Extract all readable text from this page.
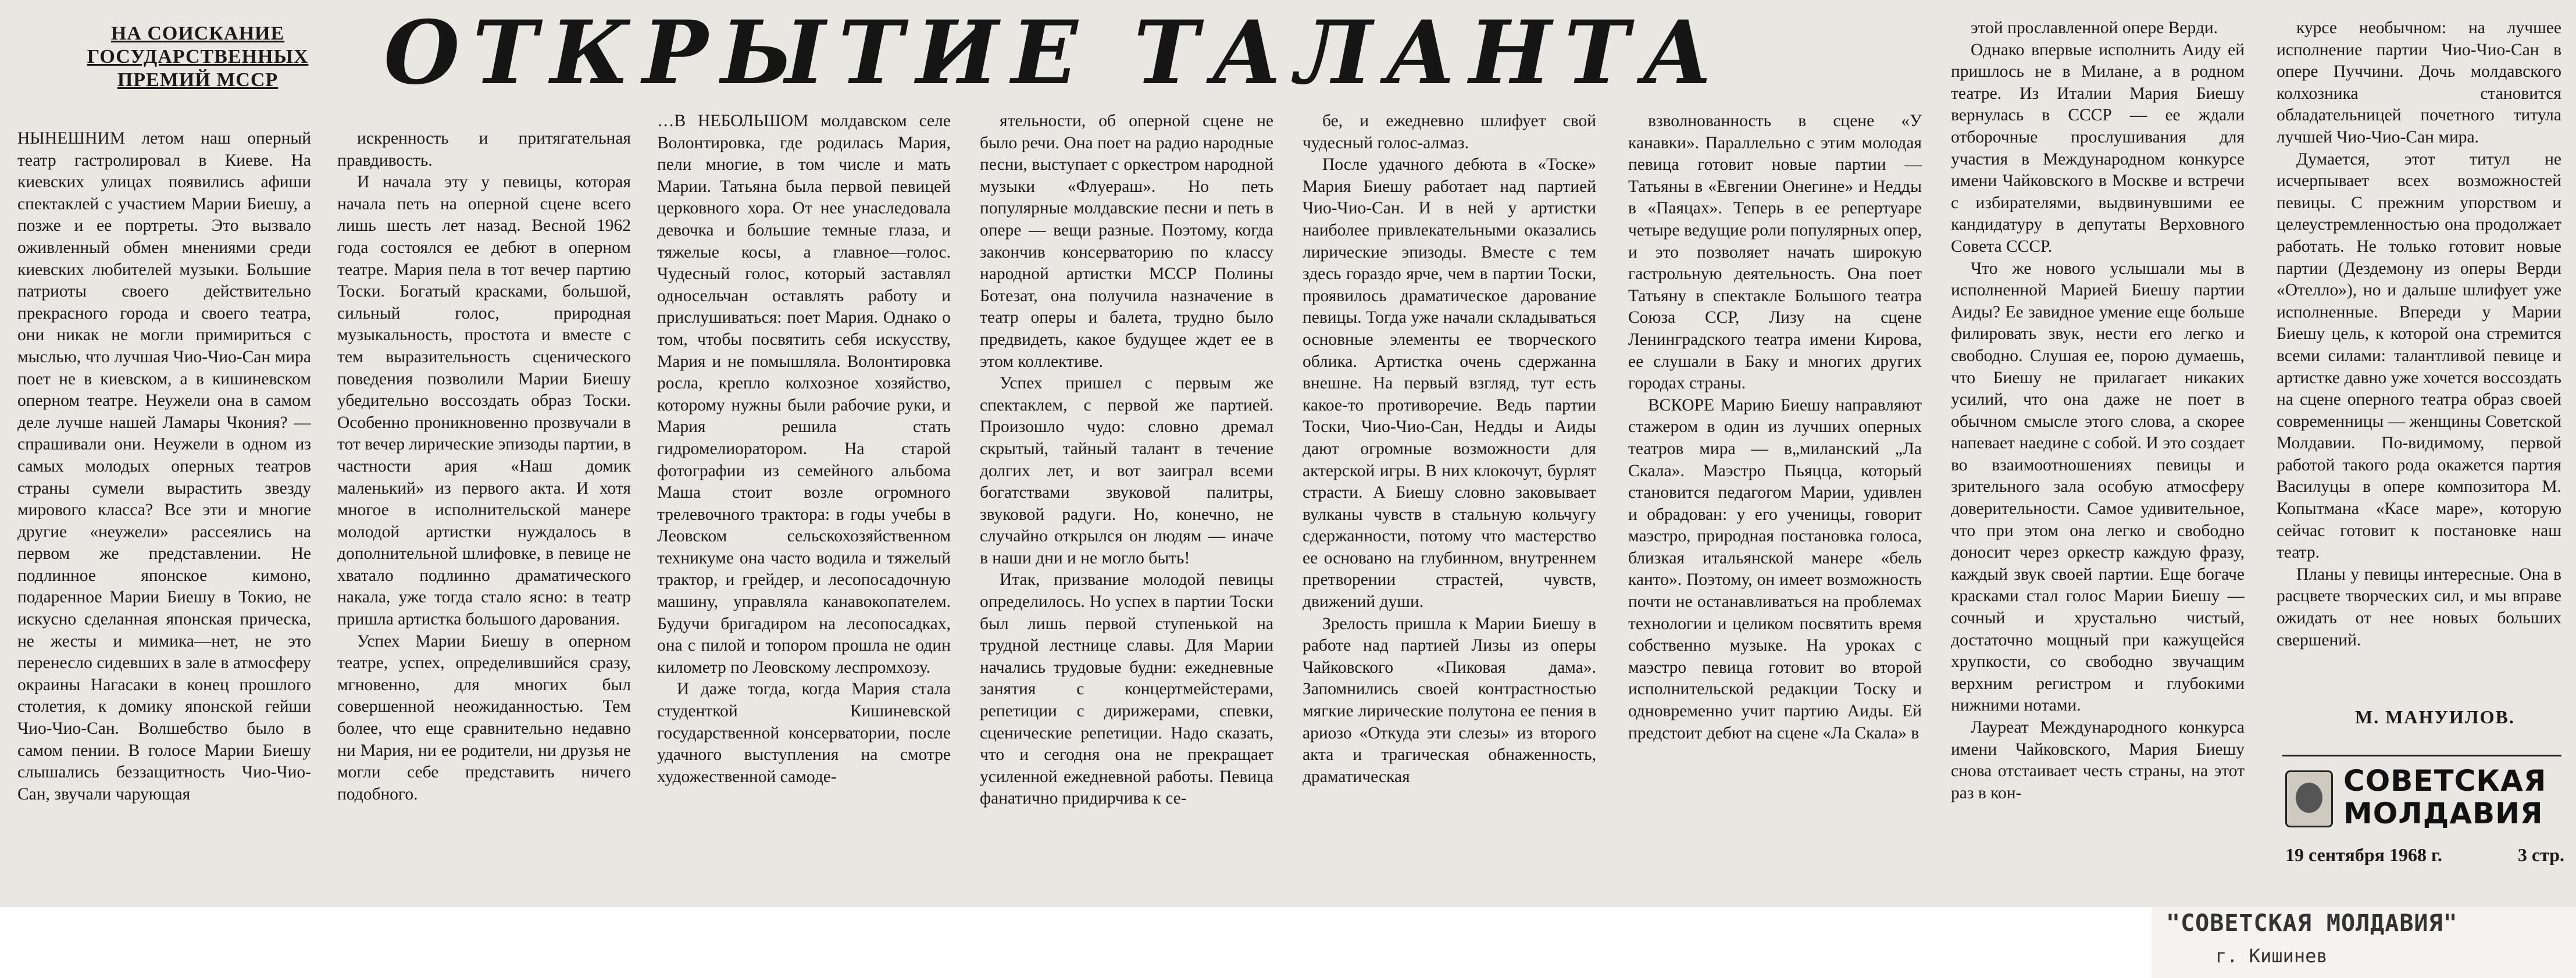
НА СОИСКАНИЕ
ГОСУДАРСТВЕННЫХ
ПРЕМИЙ МССР	ОТКРЫТИЕ ТАЛАНТА

НЫНЕШНИМ летом наш оперный театр гастролировал в Киеве. На киевских улицах появились афиши спектаклей с участием Марии Биешу, а позже и ее портреты. Это вызвало оживленный обмен мнениями среди киевских любителей музыки. Большие патриоты своего действительно прекрасного города и своего театра, они никак не могли примириться с мыслью, что лучшая Чио-Чио-Сан мира поет не в киевском, а в кишиневском оперном театре. Неужели она в самом деле лучше нашей Ламары Чкония? — спрашивали они. Неужели в одном из самых молодых оперных театров страны сумели вырастить звезду мирового класса? Все эти и многие другие «неужели» рассеялись на первом же представлении. Не подлинное японское кимоно, подаренное Марии Биешу в Токио, не искусно сделанная японская прическа, не жесты и мимика—нет, не это перенесло сидевших в зале в атмосферу окраины Нагасаки в конец прошлого столетия, к домику японской гейши Чио-Чио-Сан. Волшебство было в самом пении. В голосе Марии Биешу слышались беззащитность Чио-Чио-Сан, звучали чарующая

искренность и притягательная правдивость.

И начала эту у певицы, которая начала петь на оперной сцене всего лишь шесть лет назад. Весной 1962 года состоялся ее дебют в оперном театре. Мария пела в тот вечер партию Тоски. Богатый красками, большой, сильный голос, природная музыкальность, простота и вместе с тем выразительность сценического поведения позволили Марии Биешу убедительно воссоздать образ Тоски. Особенно проникновенно прозвучали в тот вечер лирические эпизоды партии, в частности ария «Наш домик маленький» из первого акта. И хотя многое в исполнительской манере молодой артистки нуждалось в дополнительной шлифовке, в певице не хватало подлинно драматического накала, уже тогда стало ясно: в театр пришла артистка большого дарования.

Успех Марии Биешу в оперном театре, успех, определившийся сразу, мгновенно, для многих был совершенной неожиданностью. Тем более, что еще сравнительно недавно ни Мария, ни ее родители, ни друзья не могли себе представить ничего подобного.

…В НЕБОЛЬШОМ молдавском селе Волонтировка, где родилась Мария, пели многие, в том числе и мать Марии. Татьяна была первой певицей церковного хора. От нее унаследовала девочка и большие темные глаза, и тяжелые косы, а главное—голос. Чудесный голос, который заставлял односельчан оставлять работу и прислушиваться: поет Мария. Однако о том, чтобы посвятить себя искусству, Мария и не помышляла. Волонтировка росла, крепло колхозное хозяйство, которому нужны были рабочие руки, и Мария решила стать гидромелиоратором. На старой фотографии из семейного альбома Маша стоит возле огромного трелевочного трактора: в годы учебы в Леовском сельскохозяйственном техникуме она часто водила и тяжелый трактор, и грейдер, и лесопосадочную машину, управляла канавокопателем. Будучи бригадиром на лесопосадках, она с пилой и топором прошла не один километр по Леовскому леспромхозу.

И даже тогда, когда Мария стала студенткой Кишиневской государственной консерватории, после удачного выступления на смотре художественной самоде-

ятельности, об оперной сцене не было речи. Она поет на радио народные песни, выступает с оркестром народной музыки «Флуераш». Но петь популярные молдавские песни и петь в опере — вещи разные. Поэтому, когда закончив консерваторию по классу народной артистки МССР Полины Ботезат, она получила назначение в театр оперы и балета, трудно было предвидеть, какое будущее ждет ее в этом коллективе.

Успех пришел с первым же спектаклем, с первой же партией. Произошло чудо: словно дремал скрытый, тайный талант в течение долгих лет, и вот заиграл всеми богатствами звуковой палитры, звуковой радуги. Но, конечно, не случайно открылся он людям — иначе в наши дни и не могло быть!

Итак, призвание молодой певицы определилось. Но успех в партии Тоски был лишь первой ступенькой на трудной лестнице славы. Для Марии начались трудовые будни: ежедневные занятия с концертмейстерами, репетиции с дирижерами, спевки, сценические репетиции. Надо сказать, что и сегодня она не прекращает усиленной ежедневной работы. Певица фанатично придирчива к се-

бе, и ежедневно шлифует свой чудесный голос-алмаз.

После удачного дебюта в «Тоске» Мария Биешу работает над партией Чио-Чио-Сан. И в ней у артистки наиболее привлекательными оказались лирические эпизоды. Вместе с тем здесь гораздо ярче, чем в партии Тоски, проявилось драматическое дарование певицы. Тогда уже начали складываться основные элементы ее творческого облика. Артистка очень сдержанна внешне. На первый взгляд, тут есть какое-то противоречие. Ведь партии Тоски, Чио-Чио-Сан, Недды и Аиды дают огромные возможности для актерской игры. В них клокочут, бурлят страсти. А Биешу словно заковывает вулканы чувств в стальную кольчугу сдержанности, потому что мастерство ее основано на глубинном, внутреннем претворении страстей, чувств, движений души.

Зрелость пришла к Марии Биешу в работе над партией Лизы из оперы Чайковского «Пиковая дама». Запомнились своей контрастностью мягкие лирические полутона ее пения в ариозо «Откуда эти слезы» из второго акта и трагическая обнаженность, драматическая

взволнованность в сцене «У канавки». Параллельно с этим молодая певица готовит новые партии — Татьяны в «Евгении Онегине» и Недды в «Паяцах». Теперь в ее репертуаре четыре ведущие роли популярных опер, и это позволяет начать широкую гастрольную деятельность. Она поет Татьяну в спектакле Большого театра Союза ССР, Лизу на сцене Ленинградского театра имени Кирова, ее слушали в Баку и многих других городах страны.

ВСКОРЕ Марию Биешу направляют стажером в один из лучших оперных театров мира — в„миланский „Ла Скала». Маэстро Пьяцца, который становится педагогом Марии, удивлен и обрадован: у его ученицы, говорит маэстро, природная постановка голоса, близкая итальянской манере «бель канто». Поэтому, он имеет возможность почти не останавливаться на проблемах технологии и целиком посвятить время собственно музыке. На уроках с маэстро певица готовит во второй исполнительской редакции Тоску и одновременно учит партию Аиды. Ей предстоит дебют на сцене «Ла Скала» в

этой прославленной опере Верди.

Однако впервые исполнить Аиду ей пришлось не в Милане, а в родном театре. Из Италии Мария Биешу вернулась в СССР — ее ждали отборочные прослушивания для участия в Международном конкурсе имени Чайковского в Москве и встречи с избирателями, выдвинувшими ее кандидатуру в депутаты Верховного Совета СССР.

Что же нового услышали мы в исполненной Марией Биешу партии Аиды? Ее завидное умение еще больше филировать звук, нести его легко и свободно. Слушая ее, порою думаешь, что Биешу не прилагает никаких усилий, что она даже не поет в обычном смысле этого слова, а скорее напевает наедине с собой. И это создает во взаимоотношениях певицы и зрительного зала особую атмосферу доверительности. Самое удивительное, что при этом она легко и свободно доносит через оркестр каждую фразу, каждый звук своей партии. Еще богаче красками стал голос Марии Биешу — сочный и хрустально чистый, достаточно мощный при кажущейся хрупкости, со свободно звучащим верхним регистром и глубокими нижними нотами.

Лауреат Международного конкурса имени Чайковского, Мария Биешу снова отстаивает честь страны, на этот раз в кон-

курсе необычном: на лучшее исполнение партии Чио-Чио-Сан в опере Пуччини. Дочь молдавского колхозника становится обладательницей почетного титула лучшей Чио-Чио-Сан мира.

Думается, этот титул не исчерпывает всех возможностей певицы. С прежним упорством и целеустремленностью она продолжает работать. Не только готовит новые партии (Дездемону из оперы Верди «Отелло»), но и дальше шлифует уже исполненные. Впереди у Марии Биешу цель, к которой она стремится всеми силами: талантливой певице и артистке давно уже хочется воссоздать на сцене оперного театра образ своей современницы — женщины Советской Молдавии. По-видимому, первой работой такого рода окажется партия Василуцы в опере композитора М. Копытмана «Касе маре», которую сейчас готовит к постановке наш театр.

Планы у певицы интересные. Она в расцвете творческих сил, и мы вправе ожидать от нее новых больших свершений.

М. МАНУИЛОВ.
СОВЕТСКАЯ
МОЛДАВИЯ
19 сентября 1968 г.	3 стр.
"СОВЕТСКАЯ МОЛДАВИЯ"
г. Кишинев
